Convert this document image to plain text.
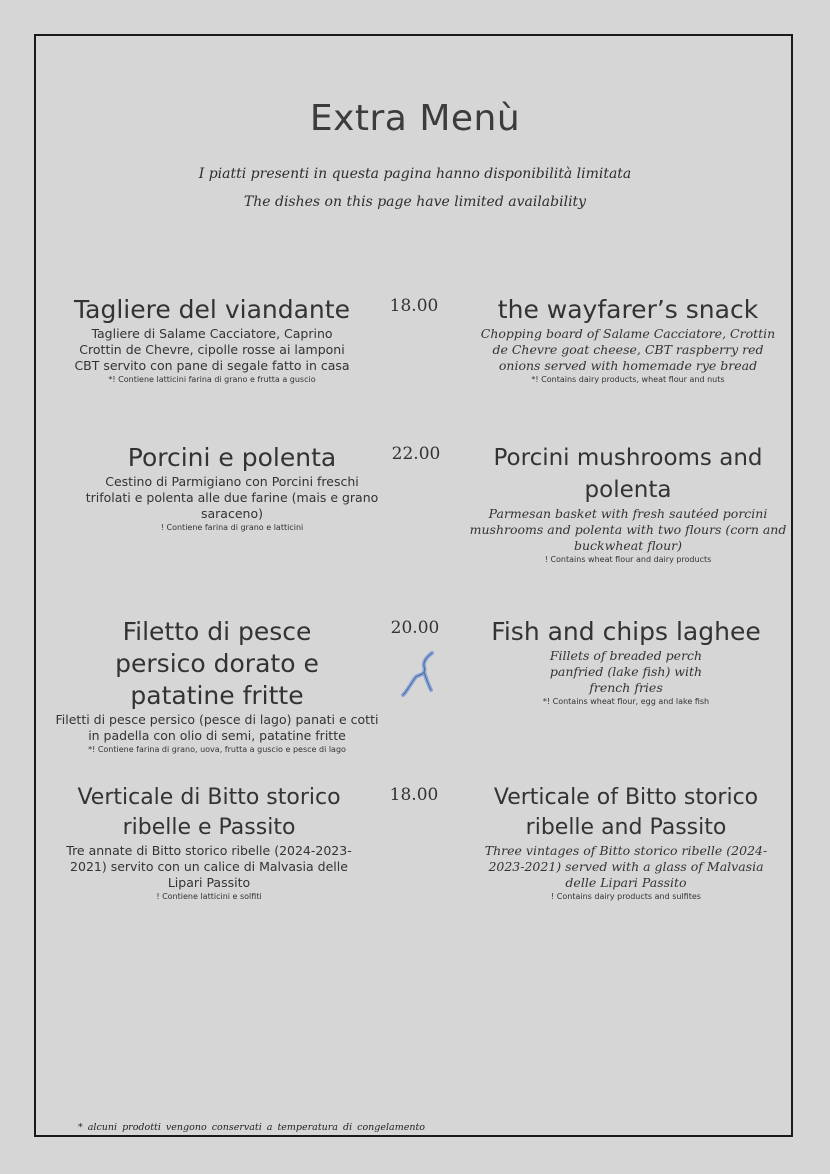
Extra Menù
I piatti presenti in questa pagina hanno disponibilità limitata
The dishes on this page have limited availability
Tagliere del viandante
Tagliere di Salame Cacciatore, Caprino Crottin de Chevre, cipolle rosse ai lamponi CBT servito con pane di segale fatto in casa
*! Contiene latticini farina di grano e frutta a guscio
18.00	the wayfarer’s snack
Chopping board of Salame Cacciatore, Crottin de Chevre goat cheese, CBT raspberry red onions served with homemade rye bread
*! Contains dairy products, wheat flour and nuts
Porcini e polenta
Cestino di Parmigiano con Porcini freschi trifolati e polenta alle due farine (mais e grano saraceno)
! Contiene farina di grano e latticini
22.00	Porcini mushrooms and polenta
Parmesan basket with fresh sautéed porcini mushrooms and polenta with two flours (corn and buckwheat flour)
! Contains wheat flour and dairy products
Filetto di pesce persico dorato e patatine fritte
Filetti di pesce persico (pesce di lago) panati e cotti in padella con olio di semi, patatine fritte
*! Contiene farina di grano, uova, frutta a guscio e pesce di lago
20.00	Fish and chips laghee
Fillets of breaded perch panfried (lake fish) with french fries
*! Contains wheat flour, egg and lake fish
Verticale di Bitto storico ribelle e Passito
Tre annate di Bitto storico ribelle (2024-2023-2021) servito con un calice di Malvasia delle Lipari Passito
! Contiene latticini e solfiti
18.00	Verticale of Bitto storico ribelle and Passito
Three vintages of Bitto storico ribelle (2024-2023-2021) served with a glass of Malvasia delle Lipari Passito
! Contains dairy products and sulfites
* alcuni prodotti vengono conservati a temperatura di congelamento
